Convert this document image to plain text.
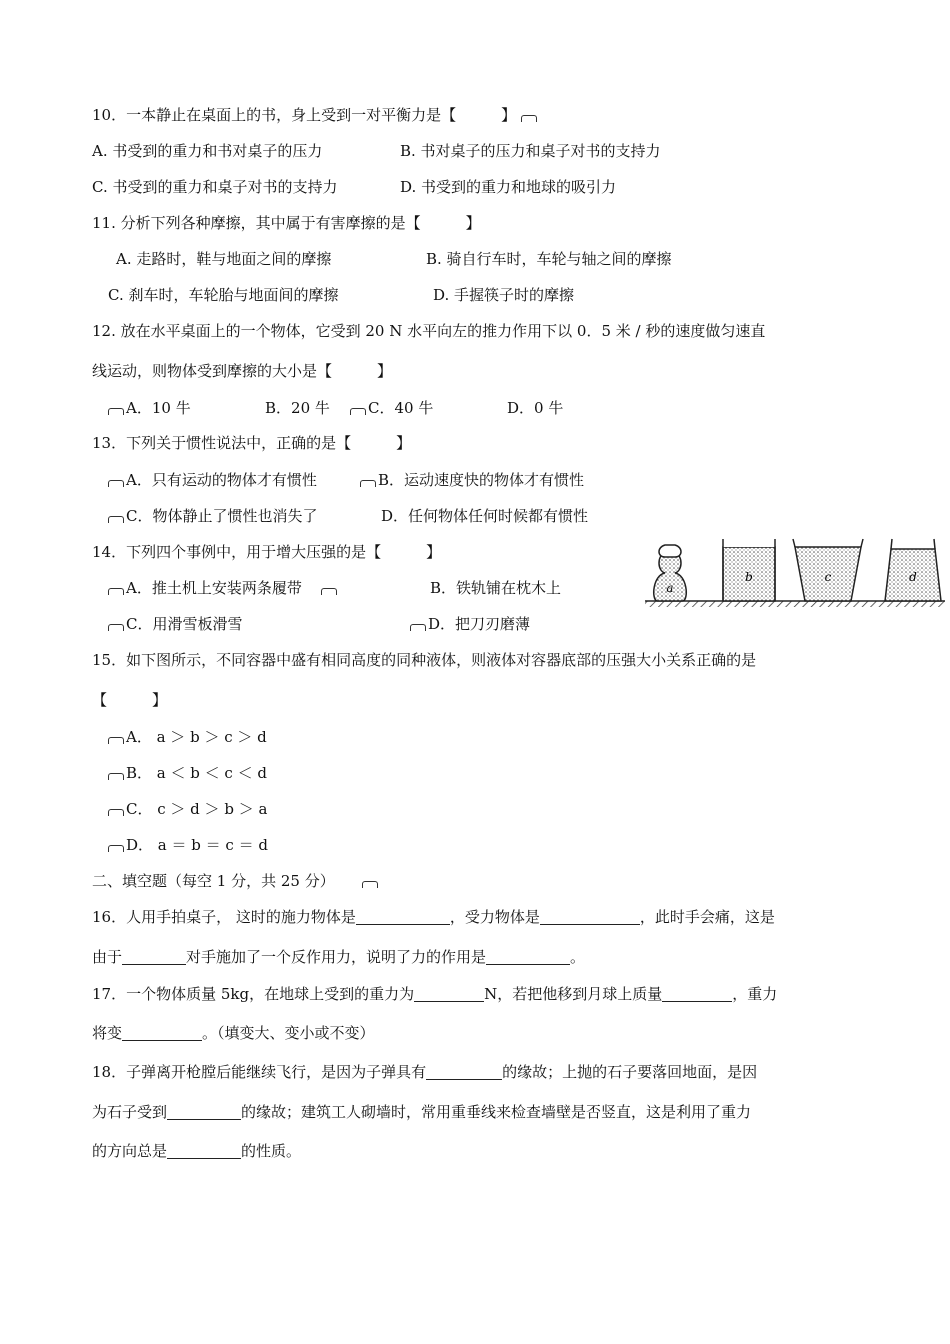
10．一本静止在桌面上的书，身上受到一对平衡力是【　　　】
A. 书受到的重力和书对桌子的压力	B. 书对桌子的压力和桌子对书的支持力
C. 书受到的重力和桌子对书的支持力	D. 书受到的重力和地球的吸引力
11. 分析下列各种摩擦，其中属于有害摩擦的是【　　　】
A. 走路时，鞋与地面之间的摩擦	B. 骑自行车时，车轮与轴之间的摩擦
C. 刹车时，车轮胎与地面间的摩擦	D. 手握筷子时的摩擦
12. 放在水平桌面上的一个物体，它受到 20 N 水平向左的推力作用下以 0．5 米 / 秒的速度做匀速直
线运动，则物体受到摩擦的大小是【　　　】
A．10 牛	B．20 牛	C．40 牛	D．0 牛
13．下列关于惯性说法中，正确的是【　　　】
A．只有运动的物体才有惯性	B．运动速度快的物体才有惯性
C．物体静止了惯性也消失了	D．任何物体任何时候都有惯性
14．下列四个事例中，用于增大压强的是【　　　】
A．推土机上安装两条履带	B．铁轨铺在枕木上
C．用滑雪板滑雪	D．把刀刃磨薄
a
b	c	d
15．如下图所示，不同容器中盛有相同高度的同种液体，则液体对容器底部的压强大小关系正确的是
【　　　】
A． a ＞ b ＞ c ＞ d
B． a ＜ b ＜ c ＜ d
C． c ＞ d ＞ b ＞ a
D． a ＝ b ＝ c ＝ d
二、填空题（每空 1 分，共 25 分）
16．人用手拍桌子， 这时的施力物体是	，受力物体是	，此时手会痛，这是
由于	对手施加了一个反作用力，说明了力的作用是	。
17．一个物体质量 5kg，在地球上受到的重力为	N，若把他移到月球上质量	，重力
将变	。（填变大、变小或不变）
18．子弹离开枪膛后能继续飞行，是因为子弹具有	的缘故；上抛的石子要落回地面，是因
为石子受到	的缘故；建筑工人砌墙时，常用重垂线来检查墙壁是否竖直，这是利用了重力
的方向总是	的性质。
